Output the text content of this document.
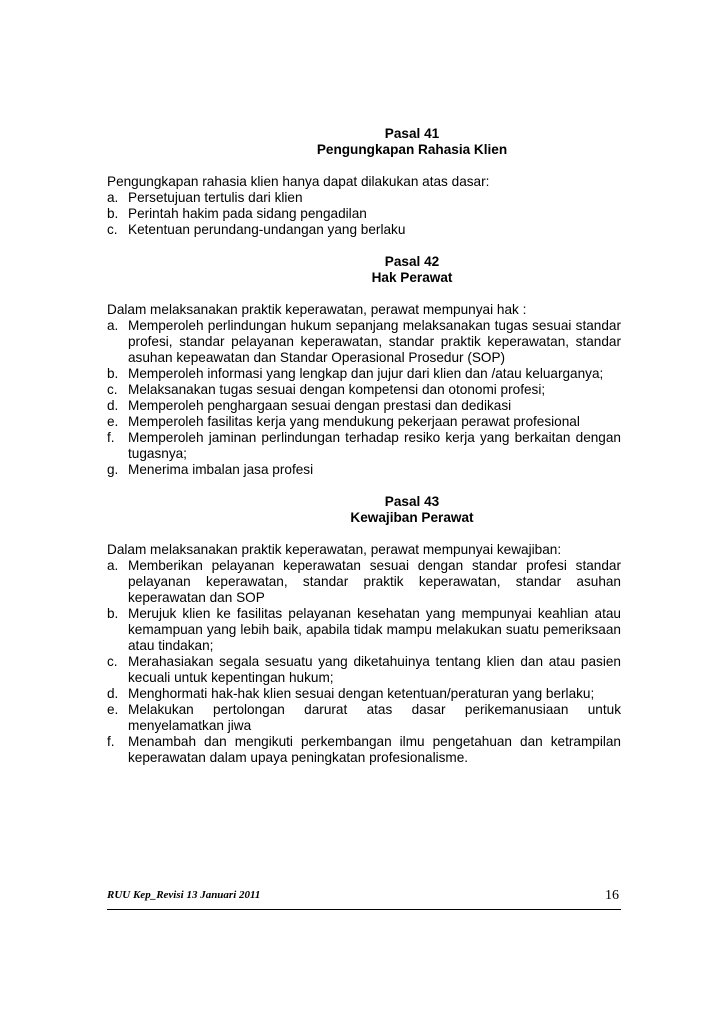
Pasal 41
Pengungkapan Rahasia Klien

Pengungkapan rahasia klien hanya dapat dilakukan atas dasar:

a. Persetujuan tertulis dari klien
b. Perintah hakim pada sidang pengadilan
c. Ketentuan perundang-undangan yang berlaku
Pasal 42
Hak Perawat

Dalam melaksanakan praktik keperawatan, perawat mempunyai hak :

a. Memperoleh perlindungan hukum sepanjang melaksanakan tugas sesuai standar profesi, standar pelayanan keperawatan, standar praktik keperawatan, standar asuhan kepeawatan dan Standar Operasional Prosedur (SOP)
b. Memperoleh informasi yang lengkap dan jujur dari klien dan /atau keluarganya;
c. Melaksanakan tugas sesuai dengan kompetensi dan otonomi profesi;
d. Memperoleh penghargaan sesuai dengan prestasi dan dedikasi
e. Memperoleh fasilitas kerja yang mendukung pekerjaan perawat profesional
f. Memperoleh jaminan perlindungan terhadap resiko kerja yang berkaitan dengan tugasnya;
g. Menerima imbalan jasa profesi
Pasal 43
Kewajiban Perawat

Dalam melaksanakan praktik keperawatan, perawat mempunyai kewajiban:

a. Memberikan pelayanan keperawatan sesuai dengan standar profesi standar pelayanan keperawatan, standar praktik keperawatan, standar asuhan keperawatan dan SOP
b. Merujuk klien ke fasilitas pelayanan kesehatan yang mempunyai keahlian atau kemampuan yang lebih baik, apabila tidak mampu melakukan suatu pemeriksaan atau tindakan;
c. Merahasiakan segala sesuatu yang diketahuinya tentang klien dan atau pasien kecuali untuk kepentingan hukum;
d. Menghormati hak-hak klien sesuai dengan ketentuan/peraturan yang berlaku;
e. Melakukan pertolongan darurat atas dasar perikemanusiaan untuk menyelamatkan jiwa
f. Menambah dan mengikuti perkembangan ilmu pengetahuan dan ketrampilan keperawatan dalam upaya peningkatan profesionalisme.
RUU Kep_Revisi 13 Januari 2011	16
